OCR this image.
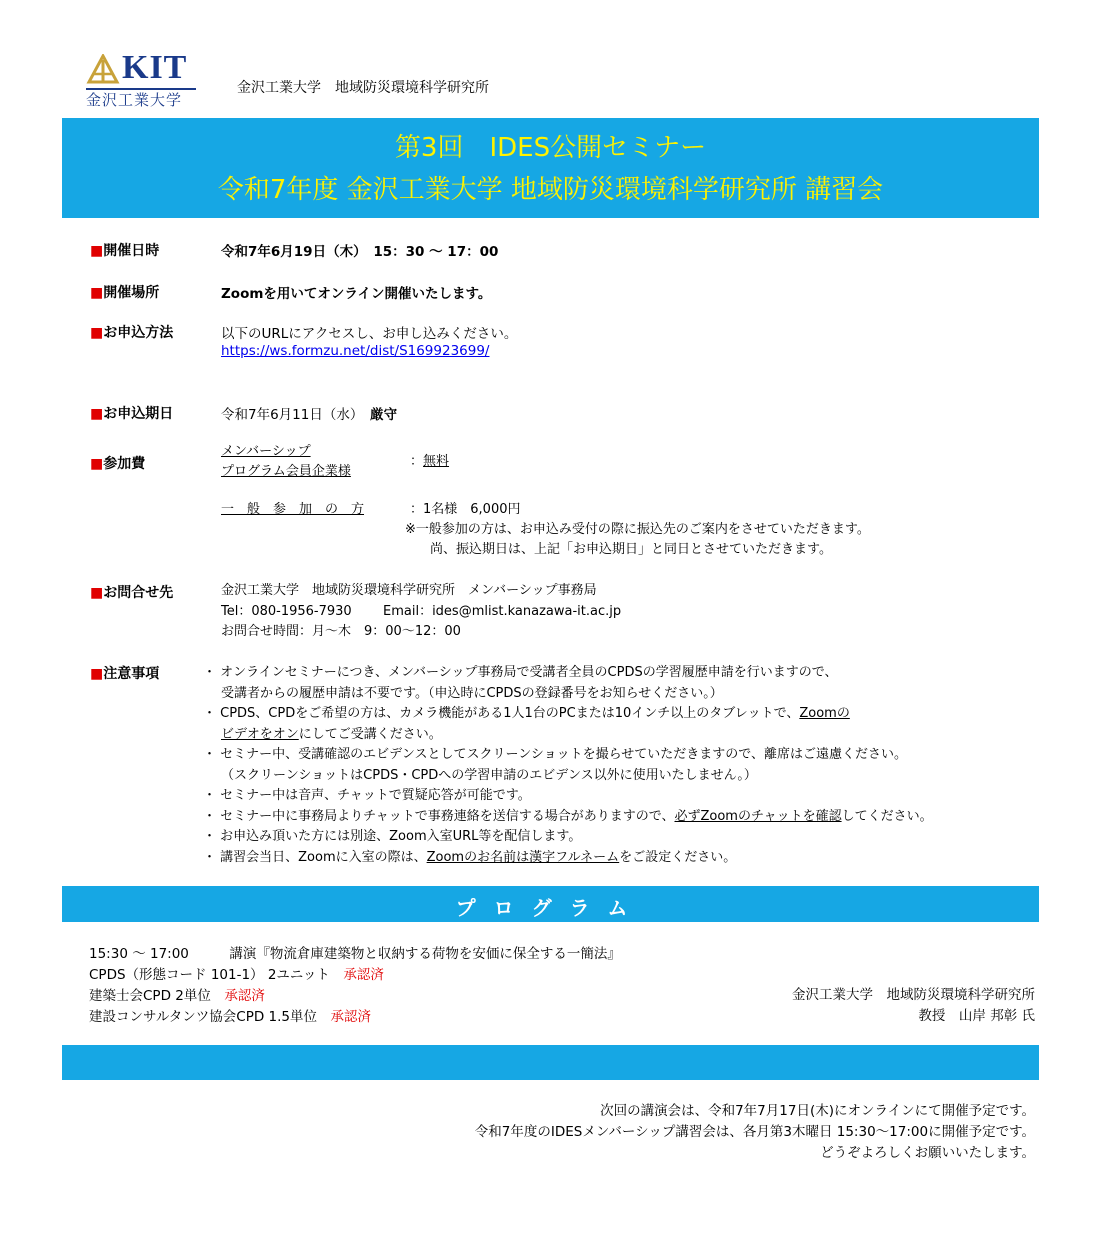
KIT
金沢工業大学
金沢工業大学　地域防災環境科学研究所
第3回　IDES公開セミナー
令和7年度 金沢工業大学 地域防災環境科学研究所 講習会
■開催日時	令和7年6月19日（木）　15：30 ～ 17：00
■開催場所	Zoomを用いてオンライン開催いたします。
■お申込方法	以下のURLにアクセスし、お申し込みください。
https://ws.formzu.net/dist/S169923699/
■お申込期日	令和7年6月11日（水）　 厳守
■参加費
メンバーシップ
プログラム会員企業様
：無料
一　般　参　加　の　方	：1名様　6,000円
※一般参加の方は、お申込み受付の際に振込先のご案内をさせていただきます。
尚、振込期日は、上記「お申込期日」と同日とさせていただきます。
■お問合せ先	金沢工業大学　地域防災環境科学研究所　メンバーシップ事務局
Tel：080-1956-7930 Email：ides@mlist.kanazawa-it.ac.jp
お問合せ時間：月～木　9：00～12：00
■注意事項	・ オンラインセミナーにつき、メンバーシップ事務局で受講者全員のCPDSの学習履歴申請を行いますので、
受講者からの履歴申請は不要です。（申込時にCPDSの登録番号をお知らせください。）
・ CPDS、CPDをご希望の方は、カメラ機能がある1人1台のPCまたは10インチ以上のタブレットで、Zoomの
ビデオをオンにしてご受講ください。
・ セミナー中、受講確認のエビデンスとしてスクリーンショットを撮らせていただきますので、離席はご遠慮ください。
（スクリーンショットはCPDS・CPDへの学習申請のエビデンス以外に使用いたしません。）
・ セミナー中は音声、チャットで質疑応答が可能です。
・ セミナー中に事務局よりチャットで事務連絡を送信する場合がありますので、必ずZoomのチャットを確認してください。
・ お申込み頂いた方には別途、Zoom入室URL等を配信します。
・ 講習会当日、Zoomに入室の際は、Zoomのお名前は漢字フルネームをご設定ください。
プログラム
15:30 ～ 17:00　　　	講演『物流倉庫建築物と収納する荷物を安価に保全する一簡法』
CPDS（形態コード 101-1） 2ユニット　 承認済
建築士会CPD 2単位　 承認済
建設コンサルタンツ協会CPD 1.5単位　 承認済
金沢工業大学　地域防災環境科学研究所
教授　山岸 邦彰 氏
次回の講演会は、令和7年7月17日(木)にオンラインにて開催予定です。
令和7年度のIDESメンバーシップ講習会は、各月第3木曜日 15:30～17:00に開催予定です。
どうぞよろしくお願いいたします。
